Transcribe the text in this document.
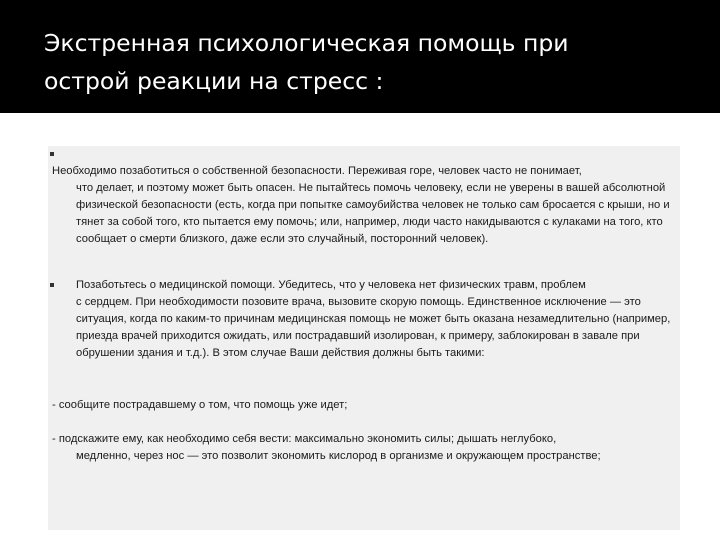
Экстренная психологическая помощь при
острой реакции на стресс :

Необходимо позаботиться о собственной безопасности. Переживая горе, человек часто не понимает,

что делает, и поэтому может быть опасен. Не пытайтесь помочь человеку, если не уверены в вашей абсолютной физической безопасности (есть, когда при попытке самоубийства человек не только сам бросается с крыши, но и тянет за собой того, кто пытается ему помочь; или, например, люди часто накидываются с кулаками на того, кто сообщает о смерти близкого, даже если это случайный, посторонний человек).

Позаботьтесь о медицинской помощи. Убедитесь, что у человека нет физических травм, проблем

с сердцем. При необходимости позовите врача, вызовите скорую помощь. Единственное исключение — это ситуация, когда по каким-то причинам медицинская помощь не может быть оказана незамедлительно (например, приезда врачей приходится ожидать, или пострадавший изолирован, к примеру, заблокирован в завале при обрушении здания и т.д.). В этом случае Ваши действия должны быть такими:

- сообщите пострадавшему о том, что помощь уже идет;

- подскажите ему, как необходимо себя вести: максимально экономить силы; дышать неглубоко,

медленно, через нос — это позволит экономить кислород в организме и окружающем пространстве;
